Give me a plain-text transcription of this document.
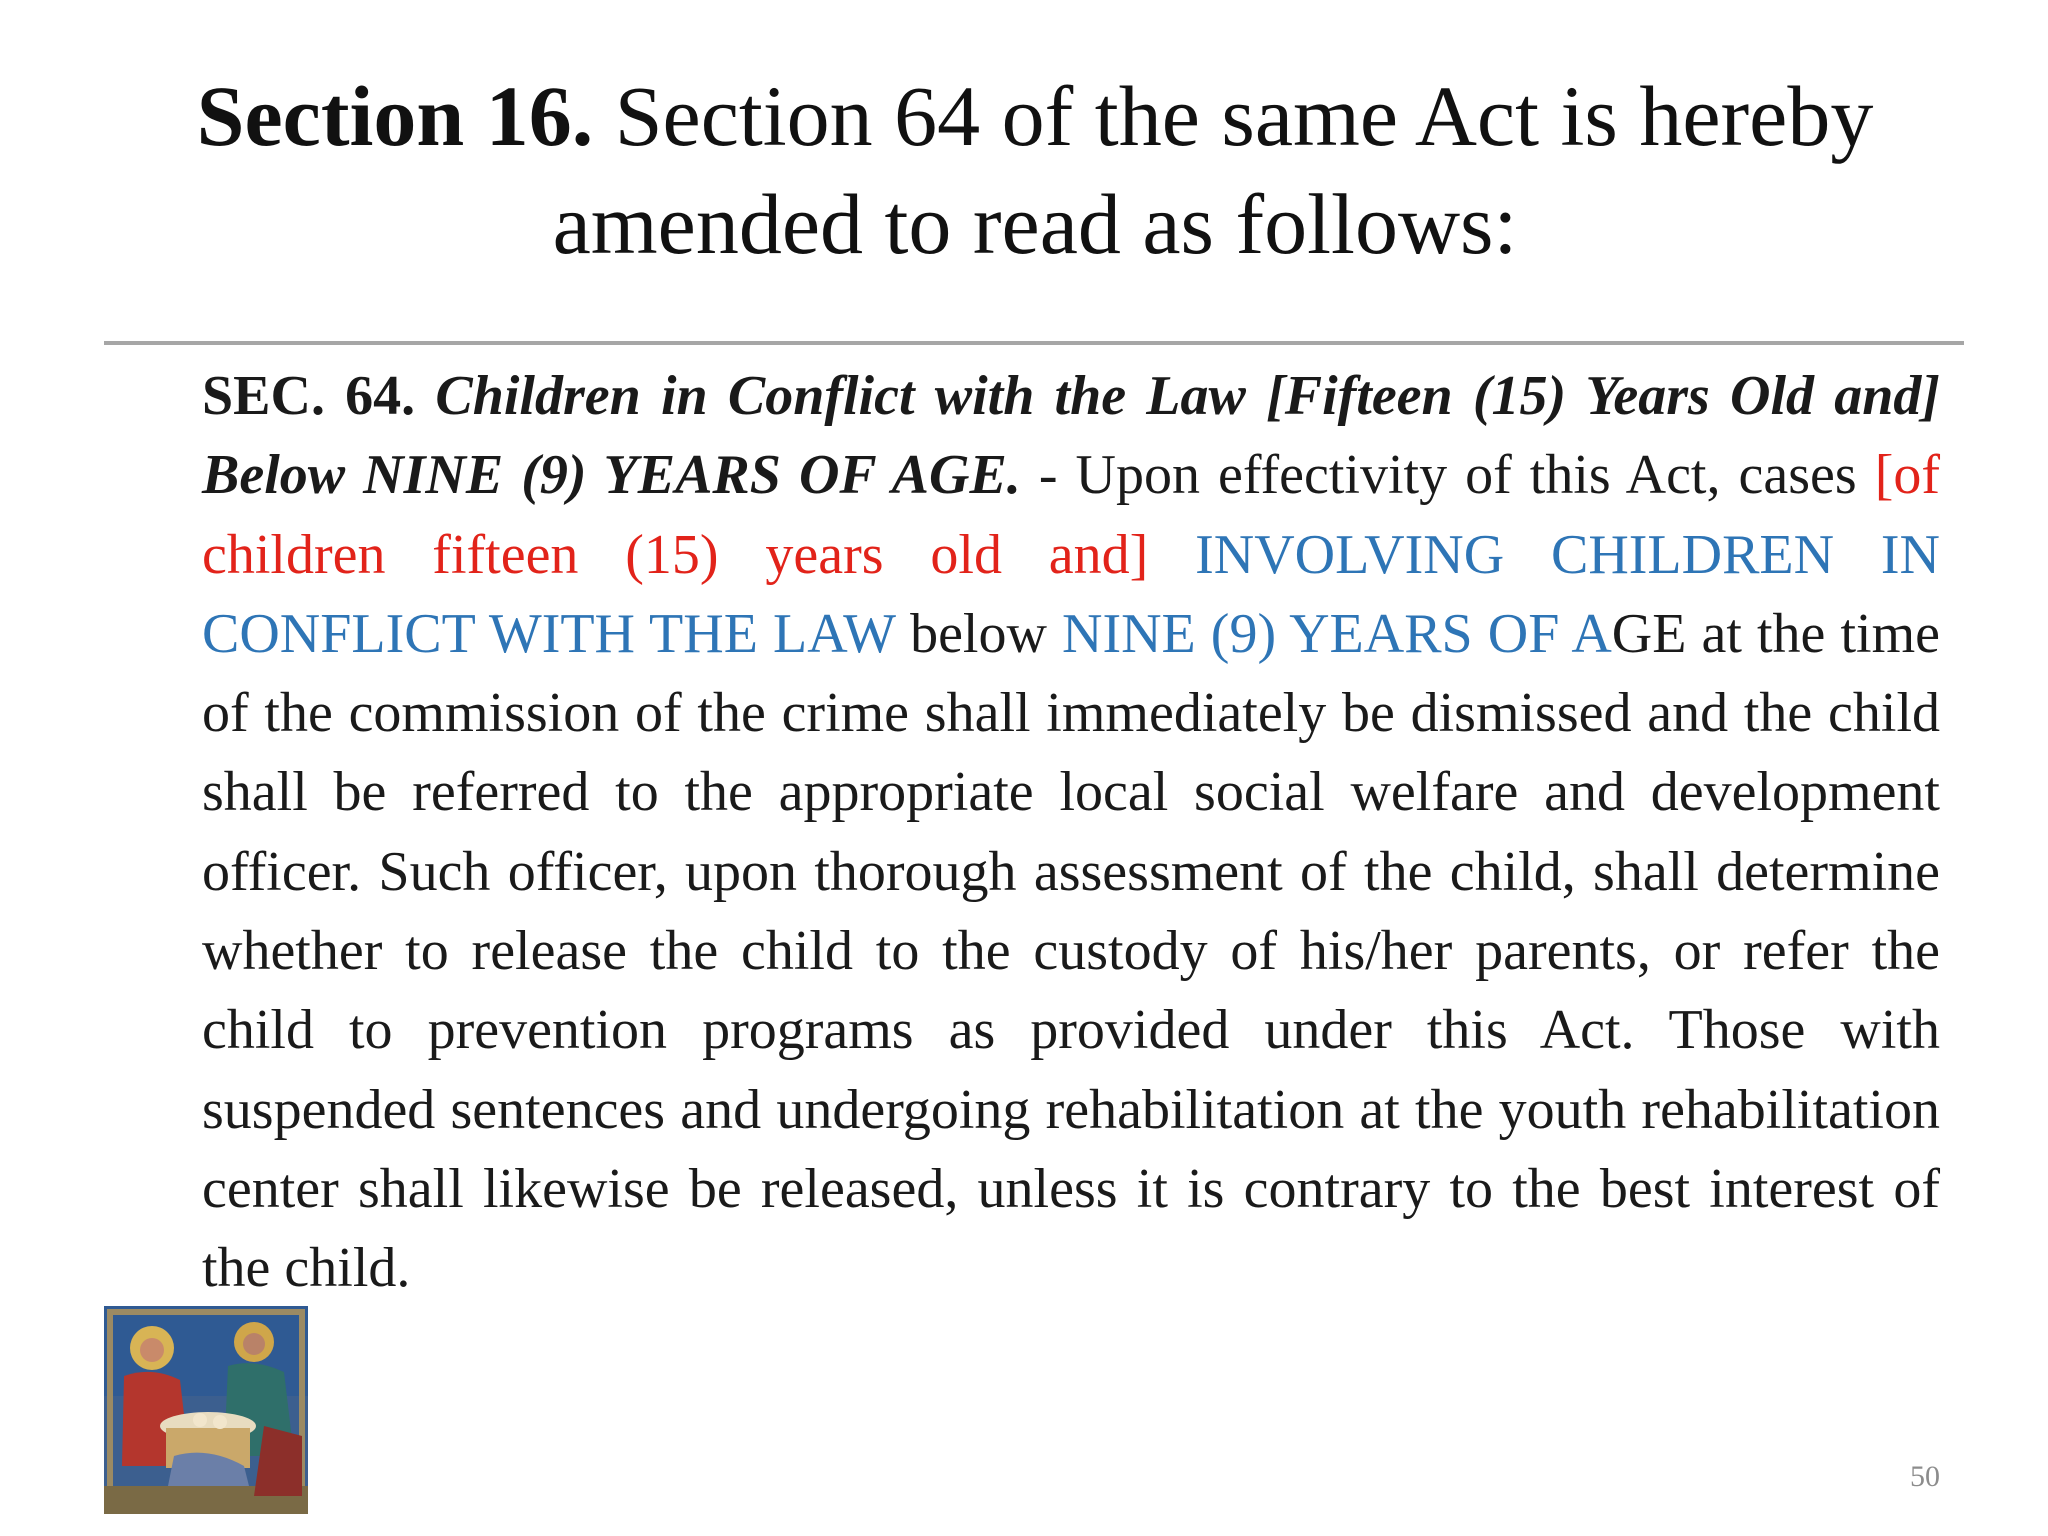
Section 16. Section 64 of the same Act is hereby amended to read as follows:
SEC. 64. Children in Conflict with the Law [Fifteen (15) Years Old and] Below NINE (9) YEARS OF AGE. - Upon effectivity of this Act, cases [of children fifteen (15) years old and] INVOLVING CHILDREN IN CONFLICT WITH THE LAW below NINE (9) YEARS OF AGE at the time of the commission of the crime shall immediately be dismissed and the child shall be referred to the appropriate local social welfare and development officer. Such officer, upon thorough assessment of the child, shall determine whether to release the child to the custody of his/her parents, or refer the child to prevention programs as provided under this Act. Those with suspended sentences and undergoing rehabilitation at the youth rehabilitation center shall likewise be released, unless it is contrary to the best interest of the child.
50
